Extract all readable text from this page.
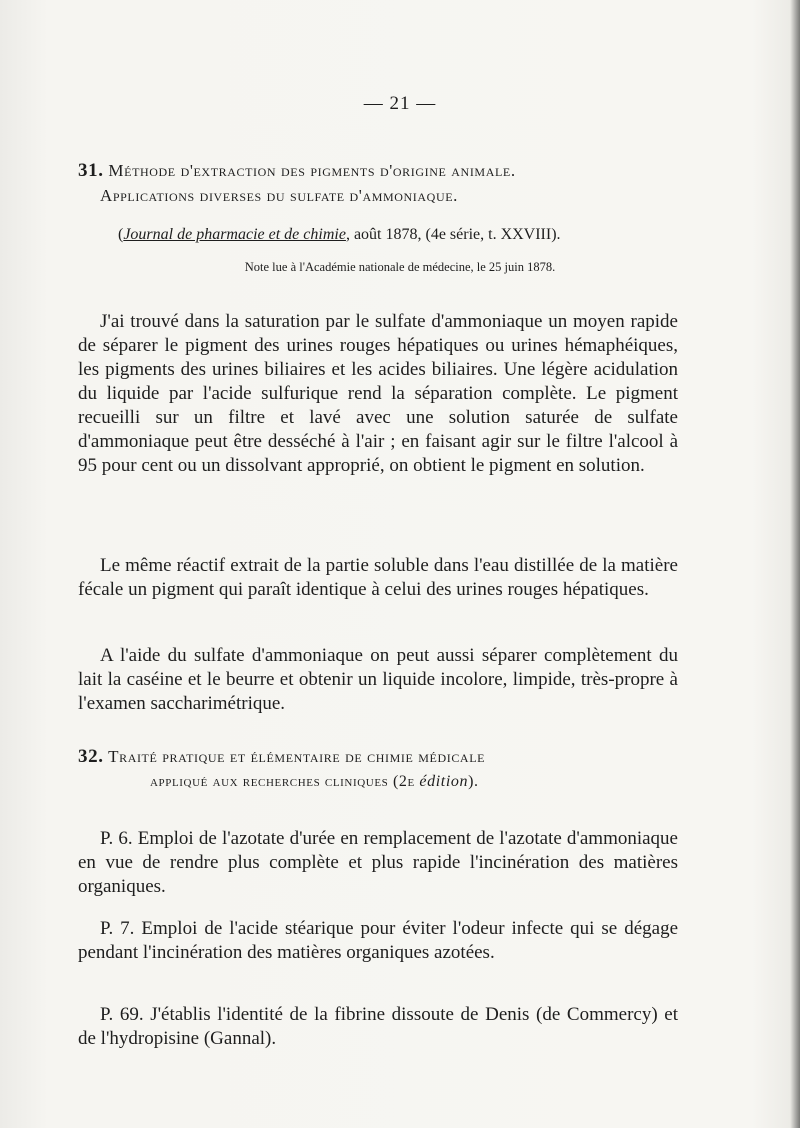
— 21 —
31. Méthode d'extraction des pigments d'origine animale.
Applications diverses du sulfate d'ammoniaque.
(Journal de pharmacie et de chimie, août 1878, (4e série, t. XXVIII).
Note lue à l'Académie nationale de médecine, le 25 juin 1878.
J'ai trouvé dans la saturation par le sulfate d'ammoniaque un moyen rapide de séparer le pigment des urines rouges hépatiques ou urines hémaphéiques, les pigments des urines biliaires et les acides biliaires. Une légère acidulation du liquide par l'acide sulfurique rend la séparation complète. Le pigment recueilli sur un filtre et lavé avec une solution saturée de sulfate d'ammoniaque peut être desséché à l'air ; en faisant agir sur le filtre l'alcool à 95 pour cent ou un dissolvant approprié, on obtient le pigment en solution.
Le même réactif extrait de la partie soluble dans l'eau distillée de la matière fécale un pigment qui paraît identique à celui des urines rouges hépatiques.
A l'aide du sulfate d'ammoniaque on peut aussi séparer complètement du lait la caséine et le beurre et obtenir un liquide incolore, limpide, très-propre à l'examen saccharimétrique.
32. Traité pratique et élémentaire de chimie médicale
appliqué aux recherches cliniques (2e édition).
P. 6. Emploi de l'azotate d'urée en remplacement de l'azotate d'ammoniaque en vue de rendre plus complète et plus rapide l'incinération des matières organiques.
P. 7. Emploi de l'acide stéarique pour éviter l'odeur infecte qui se dégage pendant l'incinération des matières organiques azotées.
P. 69. J'établis l'identité de la fibrine dissoute de Denis (de Commercy) et de l'hydropisine (Gannal).
